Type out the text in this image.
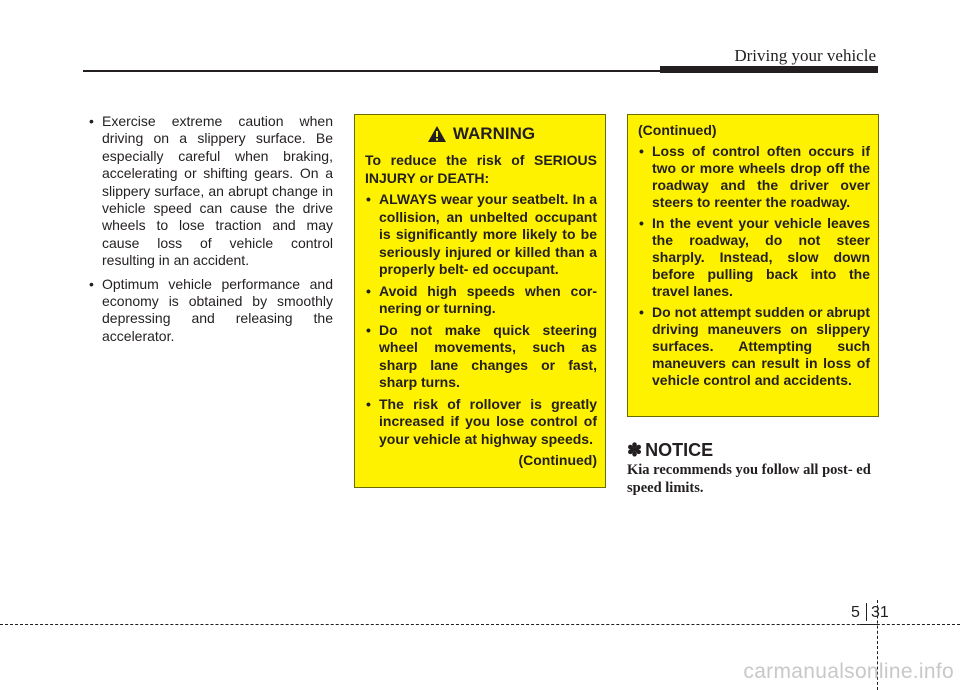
Driving your vehicle
• Exercise extreme caution when driving on a slippery surface. Be especially careful when braking, accelerating or shifting gears. On a slippery surface, an abrupt change in vehicle speed can cause the drive wheels to lose traction and may cause loss of vehicle control resulting in an accident.
• Optimum vehicle performance and economy is obtained by smoothly depressing and releasing the accelerator.
WARNING
To reduce the risk of SERIOUS INJURY or DEATH:
• ALWAYS wear your seatbelt. In a collision, an unbelted occupant is significantly more likely to be seriously injured or killed than a properly belt- ed occupant.
• Avoid high speeds when cor- nering or turning.
• Do not make quick steering wheel movements, such as sharp lane changes or fast, sharp turns.
• The risk of rollover is greatly increased if you lose control of your vehicle at highway speeds.
(Continued)
(Continued)
• Loss of control often occurs if two or more wheels drop off the roadway and the driver over steers to reenter the roadway.
• In the event your vehicle leaves the roadway, do not steer sharply. Instead, slow down before pulling back into the travel lanes.
• Do not attempt sudden or abrupt driving maneuvers on slippery surfaces. Attempting such maneuvers can result in loss of vehicle control and accidents.
✽ NOTICE
Kia recommends you follow all post- ed speed limits.
5 31
carmanualsonline.info
